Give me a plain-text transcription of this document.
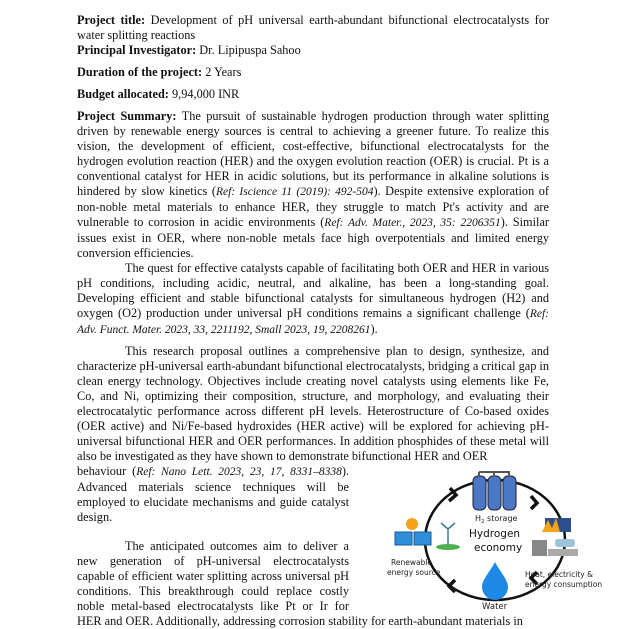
Project title: Development of pH universal earth-abundant bifunctional electrocatalysts for water splitting reactions

Principal Investigator: Dr. Lipipuspa Sahoo

Duration of the project: 2 Years

Budget allocated: 9,94,000 INR

Project Summary: The pursuit of sustainable hydrogen production through water splitting driven by renewable energy sources is central to achieving a greener future. To realize this vision, the development of efficient, cost-effective, bifunctional electrocatalysts for the hydrogen evolution reaction (HER) and the oxygen evolution reaction (OER) is crucial. Pt is a conventional catalyst for HER in acidic solutions, but its performance in alkaline solutions is hindered by slow kinetics (Ref: Iscience 11 (2019): 492-504). Despite extensive exploration of non-noble metal materials to enhance HER, they struggle to match Pt's activity and are vulnerable to corrosion in acidic environments (Ref: Adv. Mater., 2023, 35: 2206351). Similar issues exist in OER, where non-noble metals face high overpotentials and limited energy conversion efficiencies.

The quest for effective catalysts capable of facilitating both OER and HER in various pH conditions, including acidic, neutral, and alkaline, has been a long-standing goal. Developing efficient and stable bifunctional catalysts for simultaneous hydrogen (H2) and oxygen (O2) production under universal pH conditions remains a significant challenge (Ref: Adv. Funct. Mater. 2023, 33, 2211192, Small 2023, 19, 2208261).

This research proposal outlines a comprehensive plan to design, synthesize, and characterize pH-universal earth-abundant bifunctional electrocatalysts, bridging a critical gap in clean energy technology. Objectives include creating novel catalysts using elements like Fe, Co, and Ni, optimizing their composition, structure, and morphology, and evaluating their electrocatalytic performance across different pH levels. Heterostructure of Co-based oxides (OER active) and Ni/Fe-based hydroxides (HER active) will be explored for achieving pH-universal bifunctional HER and OER performances. In addition phosphides of these metal will also be investigated as they have shown to demonstrate bifunctional HER and OER

$H_2$ storage
Hydrogen
economy
Renewable
energy source	Heat, electricity &
energy consumption
Water

behaviour (Ref: Nano Lett. 2023, 23, 17, 8331–8338). Advanced materials science techniques will be employed to elucidate mechanisms and guide catalyst design.

The anticipated outcomes aim to deliver a new generation of pH-universal electrocatalysts capable of efficient water splitting across universal pH conditions. This breakthrough could replace costly noble metal-based electrocatalysts like Pt or Ir for HER and OER. Additionally, addressing corrosion stability for earth-abundant materials in
